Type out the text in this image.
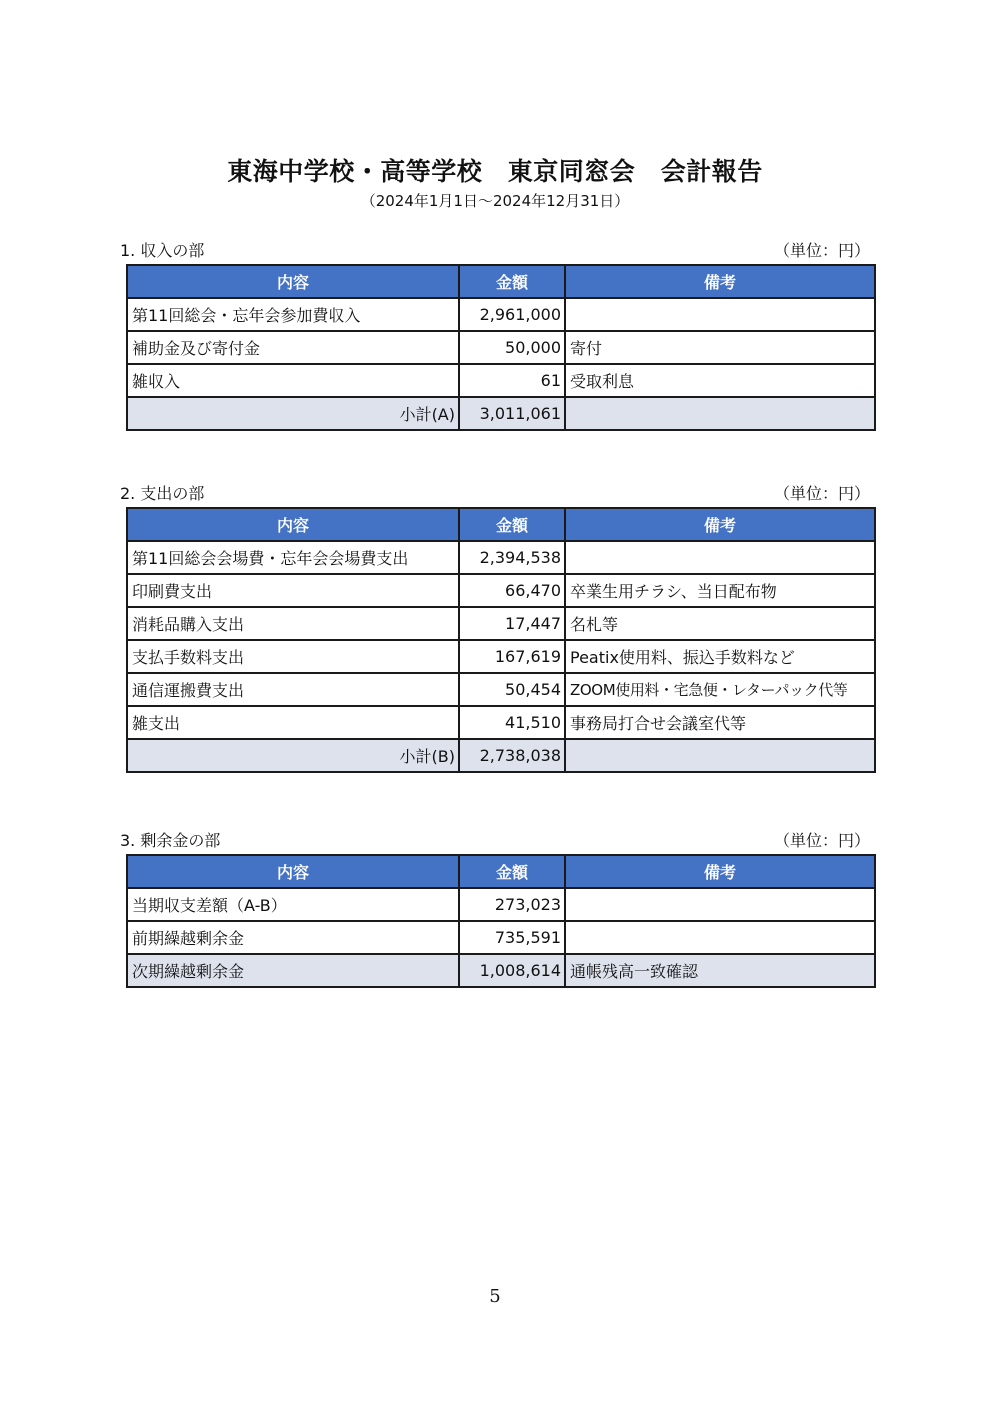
東海中学校・高等学校　東京同窓会　会計報告
（2024年1月1日～2024年12月31日）
1. 収入の部	（単位：円）
内容	金額	備考
第11回総会・忘年会参加費収入	2,961,000	
補助金及び寄付金	50,000	寄付
雑収入	61	受取利息
小計(A)	3,011,061	
2. 支出の部	（単位：円）
内容	金額	備考
第11回総会会場費・忘年会会場費支出	2,394,538	
印刷費支出	66,470	卒業生用チラシ、当日配布物
消耗品購入支出	17,447	名札等
支払手数料支出	167,619	Peatix使用料、振込手数料など
通信運搬費支出	50,454	ZOOM使用料・宅急便・レターパック代等
雑支出	41,510	事務局打合せ会議室代等
小計(B)	2,738,038	
3. 剰余金の部	（単位：円）
内容	金額	備考
当期収支差額（A-B）	273,023	
前期繰越剰余金	735,591	
次期繰越剰余金	1,008,614	通帳残高一致確認
5
